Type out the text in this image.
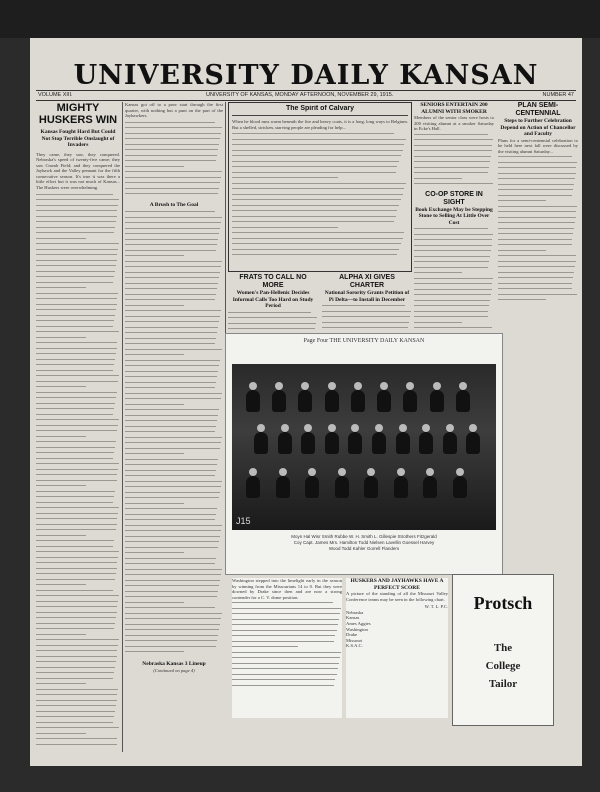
UNIVERSITY DAILY KANSAN
VOLUME XIII.	UNIVERSITY OF KANSAS, MONDAY AFTERNOON, NOVEMBER 29, 1915.	NUMBER 47
MIGHTY HUSKERS WIN
Kansas Fought Hard But Could Not Stop Terrible Onslaught of Invaders
They came, they saw, they conquered. Nebraska's speed of twenty-five came; they saw Crumb Field; and they conquered the Jayhawk and the Valley pennant for the fifth consecutive season. It's true it was there a little effort but it was not much of Kansas... The Huskers were overwhelming.
Kansas got off to a poor start through the first quarter, with nothing but a punt on the part of the Jayhawkers.
A Brush to The Goal
Nebraska Kansas 3 Lineup
(Continued on page 4)
The Spirit of Calvary
When he blood runs warm beneath the fire and heavy coats, it is a long, long ways to Belgium. But a shelled, stricken, starving people are pleading for help...
FRATS TO CALL NO MORE
Women's Pan-Hellenic Decides Informal Calls Too Hard on Study Period
ALPHA XI GIVES CHARTER
National Sorority Grants Petition of Pi Delta—to Install in December
SENIORS ENTERTAIN 200 ALUMNI WITH SMOKER
Members of the senior class were hosts to 200 visiting alumni at a smoker Saturday in Ecke's Hall.
CO-OP STORE IN SIGHT
Book Exchange May be Stepping Stone to Selling At Little Over Cost
PLAN SEMI-CENTENNIAL
Steps to Further Celebration Depend on Action of Chancellor and Faculty
Plans for a semi-centennial celebration to be held here next fall were discussed by the visiting alumni Saturday...
Page Four THE UNIVERSITY DAILY KANSAN
J15
Moyn Hal Wisr Smith Rubbe W. H. Smith L. Gillespie Strothers Fitzgerald
Coy Capt. James Mrs. Hamilton Todd Nielsen Lavellin Goessel Harvey
Wood Todd Kahler Gorrell Flanders
Washington stepped into the limelight early in the season by winning from the Missourians 14 to 0. But they were downed by Drake since then and are now a strong contender for a C. V. dome position.
HUSKERS AND JAYHAWKS HAVE A PERFECT SCORE
A picture of the standing of all the Missouri Valley Conference teams may be seen in the following chart.
W. T. L. P.C.
Nebraska
Kansas
Ames Aggies
Washington
Drake
Missouri
K.S.A.C.
Protsch
The
College
Tailor
